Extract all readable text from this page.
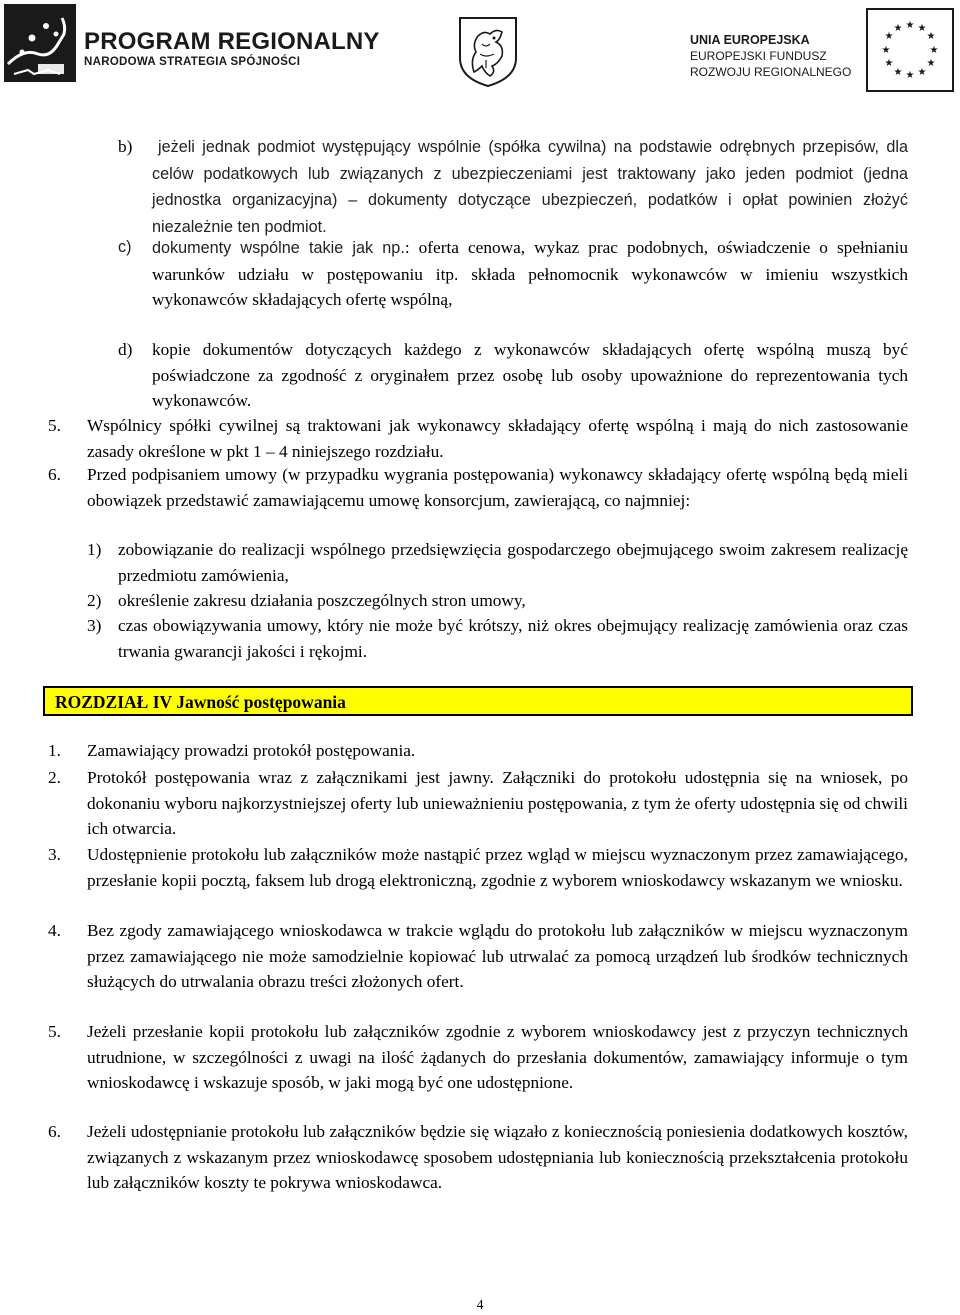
PROGRAM REGIONALNY
NARODOWA STRATEGIA SPÓJNOŚCI
UNIA EUROPEJSKA
EUROPEJSKI FUNDUSZ
ROZWOJU REGIONALNEGO
★ ★
★
★
★
★
★
★
★
★
★
★
b)	jeżeli jednak podmiot występujący wspólnie (spółka cywilna) na podstawie odrębnych przepisów, dla celów podatkowych lub związanych z ubezpieczeniami jest traktowany jako jeden podmiot (jedna jednostka organizacyjna) – dokumenty dotyczące ubezpieczeń, podatków i opłat powinien złożyć niezależnie ten podmiot.
c) dokumenty wspólne takie jak np.: oferta cenowa, wykaz prac podobnych, oświadczenie o spełnianiu warunków udziału w postępowaniu itp. składa pełnomocnik wykonawców w imieniu wszystkich wykonawców składających ofertę wspólną,
d) kopie dokumentów dotyczących każdego z wykonawców składających ofertę wspólną muszą być poświadczone za zgodność z oryginałem przez osobę lub osoby upoważnione do reprezentowania tych wykonawców.
5. Wspólnicy spółki cywilnej są traktowani jak wykonawcy składający ofertę wspólną i mają do nich zastosowanie zasady określone w pkt 1 – 4 niniejszego rozdziału.
6. Przed podpisaniem umowy (w przypadku wygrania postępowania) wykonawcy składający ofertę wspólną będą mieli obowiązek przedstawić zamawiającemu umowę konsorcjum, zawierającą, co najmniej:
1) zobowiązanie do realizacji wspólnego przedsięwzięcia gospodarczego obejmującego swoim zakresem realizację przedmiotu zamówienia,
2) określenie zakresu działania poszczególnych stron umowy,
3) czas obowiązywania umowy, który nie może być krótszy, niż okres obejmujący realizację zamówienia oraz czas trwania gwarancji jakości i rękojmi.
ROZDZIAŁ IV Jawność postępowania
1. Zamawiający prowadzi protokół postępowania.
2. Protokół postępowania wraz z załącznikami jest jawny. Załączniki do protokołu udostępnia się na wniosek, po dokonaniu wyboru najkorzystniejszej oferty lub unieważnieniu postępowania, z tym że oferty udostępnia się od chwili ich otwarcia.
3. Udostępnienie protokołu lub załączników może nastąpić przez wgląd w miejscu wyznaczonym przez zamawiającego, przesłanie kopii pocztą, faksem lub drogą elektroniczną, zgodnie z wyborem wnioskodawcy wskazanym we wniosku.
4. Bez zgody zamawiającego wnioskodawca w trakcie wglądu do protokołu lub załączników w miejscu wyznaczonym przez zamawiającego nie może samodzielnie kopiować lub utrwalać za pomocą urządzeń lub środków technicznych służących do utrwalania obrazu treści złożonych ofert.
5. Jeżeli przesłanie kopii protokołu lub załączników zgodnie z wyborem wnioskodawcy jest z przyczyn technicznych utrudnione, w szczególności z uwagi na ilość żądanych do przesłania dokumentów, zamawiający informuje o tym wnioskodawcę i wskazuje sposób, w jaki mogą być one udostępnione.
6. Jeżeli udostępnianie protokołu lub załączników będzie się wiązało z koniecznością poniesienia dodatkowych kosztów, związanych z wskazanym przez wnioskodawcę sposobem udostępniania lub koniecznością przekształcenia protokołu lub załączników koszty te pokrywa wnioskodawca.
4
